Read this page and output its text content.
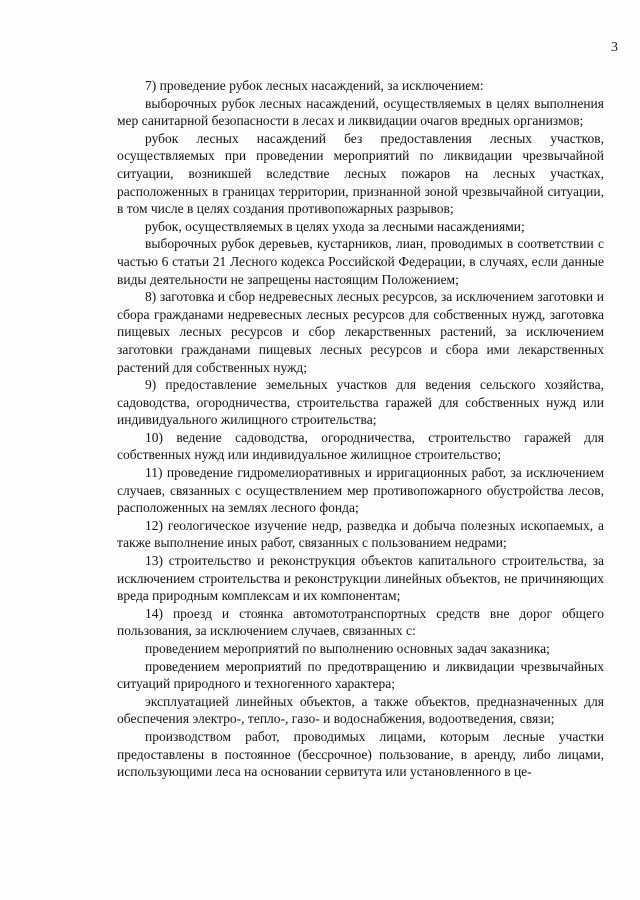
3

7) проведение рубок лесных насаждений, за исключением:

выборочных рубок лесных насаждений, осуществляемых в целях выполнения мер санитарной безопасности в лесах и ликвидации очагов вредных организмов;

рубок лесных насаждений без предоставления лесных участков, осуществляемых при проведении мероприятий по ликвидации чрезвычайной ситуации, возникшей вследствие лесных пожаров на лесных участках, расположенных в границах территории, признанной зоной чрезвычайной ситуации, в том числе в целях создания противопожарных разрывов;

рубок, осуществляемых в целях ухода за лесными насаждениями;

выборочных рубок деревьев, кустарников, лиан, проводимых в соответствии с частью 6 статьи 21 Лесного кодекса Российской Федерации, в случаях, если данные виды деятельности не запрещены настоящим Положением;

8) заготовка и сбор недревесных лесных ресурсов, за исключением заготовки и сбора гражданами недревесных лесных ресурсов для собственных нужд, заготовка пищевых лесных ресурсов и сбор лекарственных растений, за исключением заготовки гражданами пищевых лесных ресурсов и сбора ими лекарственных растений для собственных нужд;

9) предоставление земельных участков для ведения сельского хозяйства, садоводства, огородничества, строительства гаражей для собственных нужд или индивидуального жилищного строительства;

10) ведение садоводства, огородничества, строительство гаражей для собственных нужд или индивидуальное жилищное строительство;

11) проведение гидромелиоративных и ирригационных работ, за исключением случаев, связанных с осуществлением мер противопожарного обустройства лесов, расположенных на землях лесного фонда;

12) геологическое изучение недр, разведка и добыча полезных ископаемых, а также выполнение иных работ, связанных с пользованием недрами;

13) строительство и реконструкция объектов капитального строительства, за исключением строительства и реконструкции линейных объектов, не причиняющих вреда природным комплексам и их компонентам;

14) проезд и стоянка автомототранспортных средств вне дорог общего пользования, за исключением случаев, связанных с:

проведением мероприятий по выполнению основных задач заказника;

проведением мероприятий по предотвращению и ликвидации чрезвычайных ситуаций природного и техногенного характера;

эксплуатацией линейных объектов, а также объектов, предназначенных для обеспечения электро-, тепло-, газо- и водоснабжения, водоотведения, связи;

производством работ, проводимых лицами, которым лесные участки предоставлены в постоянное (бессрочное) пользование, в аренду, либо лицами, использующими леса на основании сервитута или установленного в це-
